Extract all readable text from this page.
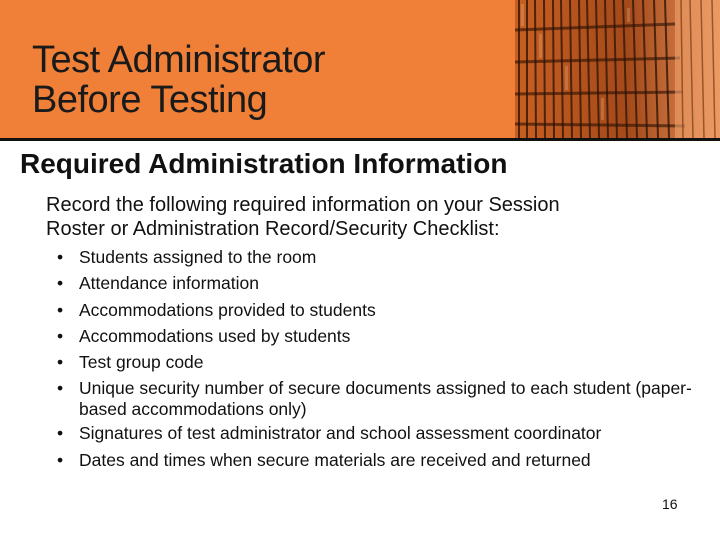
Test Administrator
Before Testing
Required Administration Information
Record the following required information on your Session
Roster or Administration Record/Security Checklist:
• Students assigned to the room
• Attendance information
• Accommodations provided to students
• Accommodations used by students
• Test group code
• Unique security number of secure documents assigned to each student (paper-based accommodations only)
• Signatures of test administrator and school assessment coordinator
• Dates and times when secure materials are received and returned
16
